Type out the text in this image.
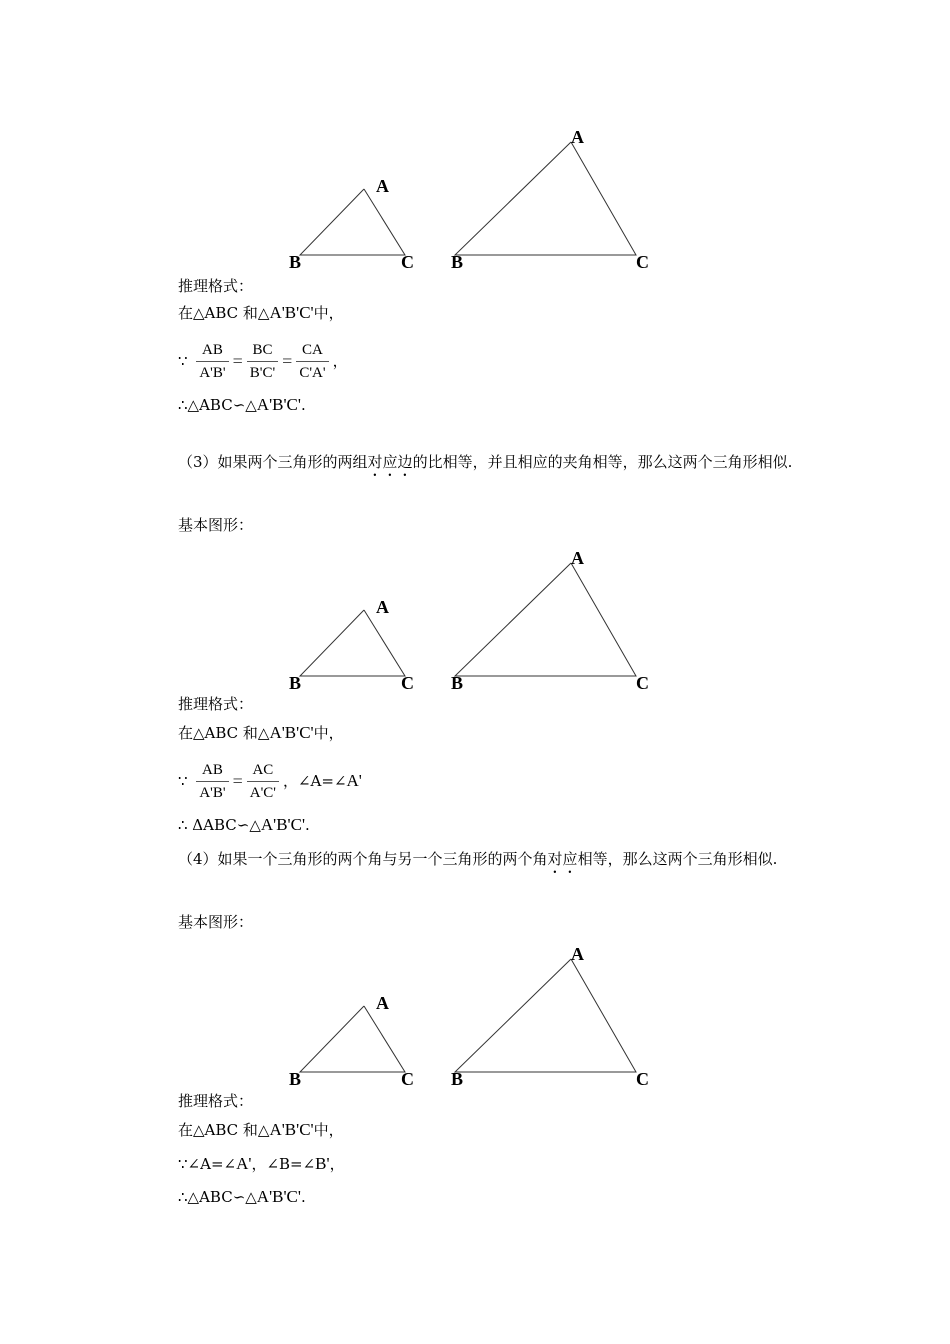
A
B	C
A
B	C
推理格式：
在△ABC 和△A'B'C'中，
∵ $\frac{AB}{A'B'} = \frac{BC}{B'C'} = \frac{CA}{C'A'}$ ，
∴△ABC∽△A'B'C'.
（3）如果两个三角形的两组对应边的比相等，并且相应的夹角相等，那么这两个三角形相似.
基本图形：
A
B	C
A
B	C
推理格式：
在△ABC 和△A'B'C'中，
∵ $\frac{AB}{A'B'} = \frac{AC}{A'C'}$ ，∠A=∠A'
∴ ΔABC∽△A'B'C'.
（4）如果一个三角形的两个角与另一个三角形的两个角对应相等，那么这两个三角形相似.
基本图形：
A
B	C
A
B	C
推理格式：
在△ABC 和△A'B'C'中，
∵∠A=∠A'，∠B=∠B'，
∴△ABC∽△A'B'C'.
